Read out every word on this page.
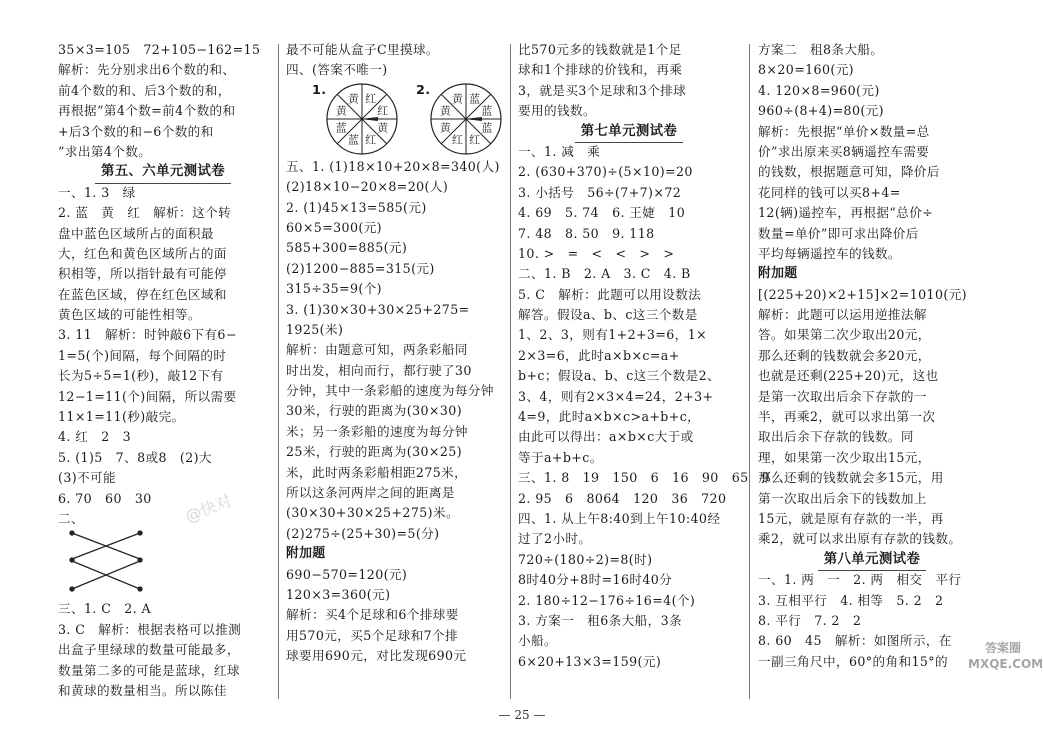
35×3=105　72+105−162=15
解析：先分别求出6个数的和、
前4个数的和、后3个数的和，
再根据“第4个数=前4个数的和
+后3个数的和−6个数的和
”求出第4个数。
第五、六单元测试卷
一、1. 3　绿
2. 蓝　黄　红　解析：这个转
盘中蓝色区域所占的面积最
大，红色和黄色区域所占的面
积相等，所以指针最有可能停
在蓝色区域，停在红色区域和
黄色区域的可能性相等。
3. 11　解析：时钟敲6下有6−
1=5(个)间隔，每个间隔的时
长为5÷5=1(秒)，敲12下有
12−1=11(个)间隔，所以需要
11×1=11(秒)敲完。
4. 红　2　3
5. (1)5　7、8或8　(2)大
(3)不可能
6. 70　60　30
二、
三、1. C　2. A
3. C　解析：根据表格可以推测
出盒子里绿球的数量可能最多，
数量第二多的可能是蓝球，红球
和黄球的数量相当。所以陈佳
最不可能从盒子C里摸球。
四、(答案不唯一)
1.
红
红
黄
红
蓝
蓝
黄
黄
2.
蓝
蓝
蓝
红
红
黄
黄
黄
五、1. (1)18×10+20×8=340(人)
(2)18×10−20×8=20(人)
2. (1)45×13=585(元)
60×5=300(元)
585+300=885(元)
(2)1200−885=315(元)
315÷35=9(个)
3. (1)30×30+30×25+275=
1925(米)
解析：由题意可知，两条彩船同
时出发，相向而行，都行驶了30
分钟，其中一条彩船的速度为每分钟
30米，行驶的距离为(30×30)
米；另一条彩船的速度为每分钟
25米，行驶的距离为(30×25)
米，此时两条彩船相距275米，
所以这条河两岸之间的距离是
(30×30+30×25+275)米。
(2)275÷(25+30)=5(分)
附加题
690−570=120(元)
120×3=360(元)
解析：买4个足球和6个排球要
用570元，买5个足球和7个排
球要用690元，对比发现690元
比570元多的钱数就是1个足
球和1个排球的价钱和，再乘
3，就是买3个足球和3个排球
要用的钱数。
第七单元测试卷
一、1. 减　乘
2. (630+370)÷(5×10)=20
3. 小括号　56÷(7+7)×72
4. 69　5. 74　6. 王婕　10
7. 48　8. 50　9. 118
10. >　=　<　<　>　>
二、1. B　2. A　3. C　4. B
5. C　解析：此题可以用设数法
解答。假设a、b、c这三个数是
1、2、3，则有1+2+3=6，1×
2×3=6，此时a×b×c=a+
b+c；假设a、b、c这三个数是2、
3、4，则有2×3×4=24，2+3+
4=9，此时a×b×c>a+b+c，
由此可以得出：a×b×c大于或
等于a+b+c。
三、1. 8　19　150　6　16　90　65　9
2. 95　6　8064　120　36　720
四、1. 从上午8:40到上午10:40经
过了2小时。
720÷(180÷2)=8(时)
8时40分+8时=16时40分
2. 180÷12−176÷16=4(个)
3. 方案一　租6条大船，3条
小船。
6×20+13×3=159(元)
方案二　租8条大船。
8×20=160(元)
4. 120×8=960(元)
960÷(8+4)=80(元)
解析：先根据“单价×数量=总
价”求出原来买8辆遥控车需要
的钱数，根据题意可知，降价后
花同样的钱可以买8+4=
12(辆)遥控车，再根据“总价÷
数量=单价”即可求出降价后
平均每辆遥控车的钱数。
附加题
[(225+20)×2+15]×2=1010(元)
解析：此题可以运用逆推法解
答。如果第二次少取出20元，
那么还剩的钱数就会多20元，
也就是还剩(225+20)元，这也
是第一次取出后余下存款的一
半，再乘2，就可以求出第一次
取出后余下存款的钱数。同
理，如果第一次少取出15元，
那么还剩的钱数就会多15元，用
第一次取出后余下的钱数加上
15元，就是原有存款的一半，再
乘2，就可以求出原有存款的钱数。
第八单元测试卷
一、1. 两　一　2. 两　相交　平行
3. 互相平行　4. 相等　5. 2　2
8. 平行　7. 2　2
8. 60　45　解析：如图所示，在
一副三角尺中，60°的角和15°的
— 25 —
@快对
答案圈
MXQE.COM
